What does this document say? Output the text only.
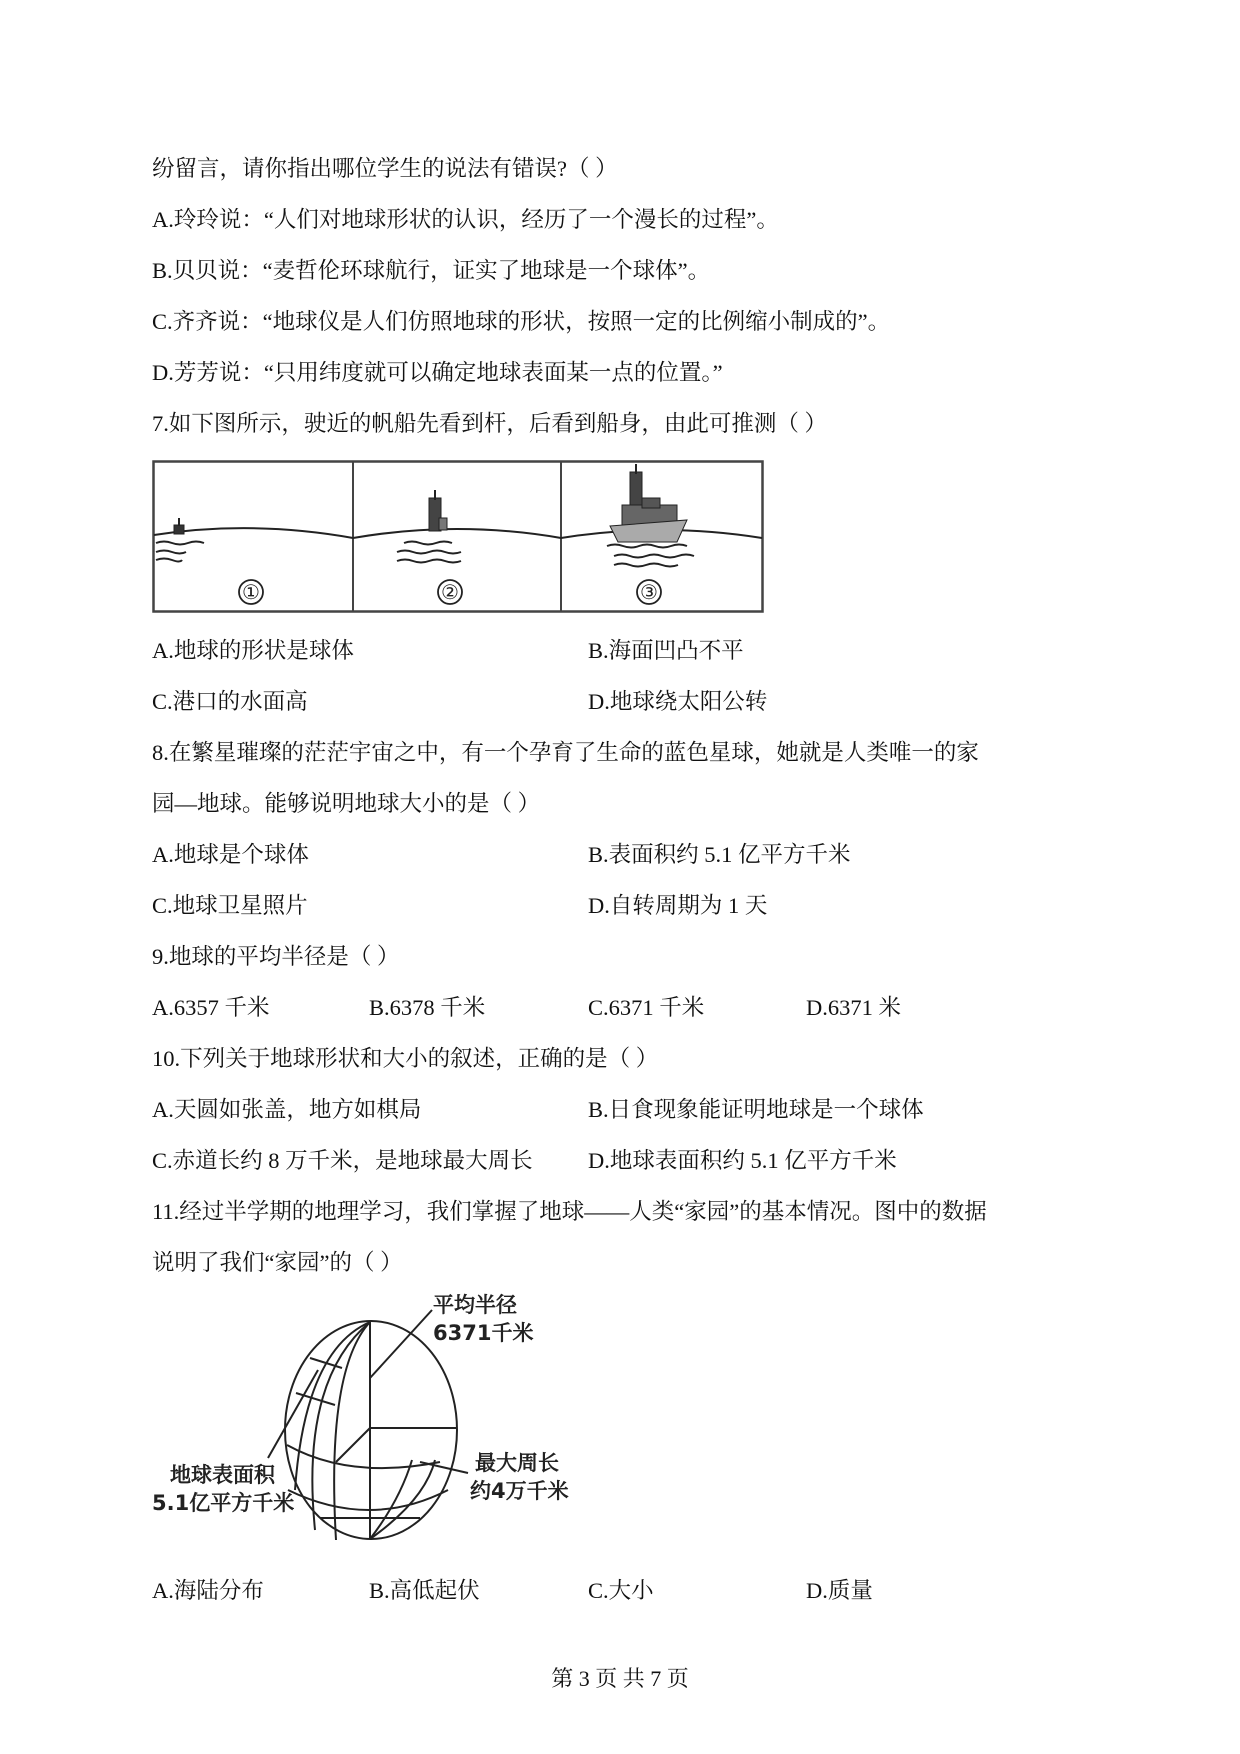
纷留言，请你指出哪位学生的说法有错误?（ ）
A.玲玲说：“人们对地球形状的认识，经历了一个漫长的过程”。
B.贝贝说：“麦哲伦环球航行，证实了地球是一个球体”。
C.齐齐说：“地球仪是人们仿照地球的形状，按照一定的比例缩小制成的”。
D.芳芳说：“只用纬度就可以确定地球表面某一点的位置。”
7.如下图所示，驶近的帆船先看到杆，后看到船身，由此可推测（ ）
①	②	③
A.地球的形状是球体	B.海面凹凸不平
C.港口的水面高	D.地球绕太阳公转
8.在繁星璀璨的茫茫宇宙之中，有一个孕育了生命的蓝色星球，她就是人类唯一的家
园—地球。能够说明地球大小的是（ ）
A.地球是个球体	B.表面积约 5.1 亿平方千米
C.地球卫星照片	D.自转周期为 1 天
9.地球的平均半径是（ ）
A.6357 千米	B.6378 千米	C.6371 千米	D.6371 米
10.下列关于地球形状和大小的叙述，正确的是（ ）
A.天圆如张盖，地方如棋局	B.日食现象能证明地球是一个球体
C.赤道长约 8 万千米，是地球最大周长 D.地球表面积约 5.1 亿平方千米
11.经过半学期的地理学习，我们掌握了地球——人类“家园”的基本情况。图中的数据
说明了我们“家园”的（ ）
平均半径
6371千米
地球表面积
5.1亿平方千米
最大周长
约4万千米
A.海陆分布	B.高低起伏	C.大小	D.质量
第 3 页 共 7 页
